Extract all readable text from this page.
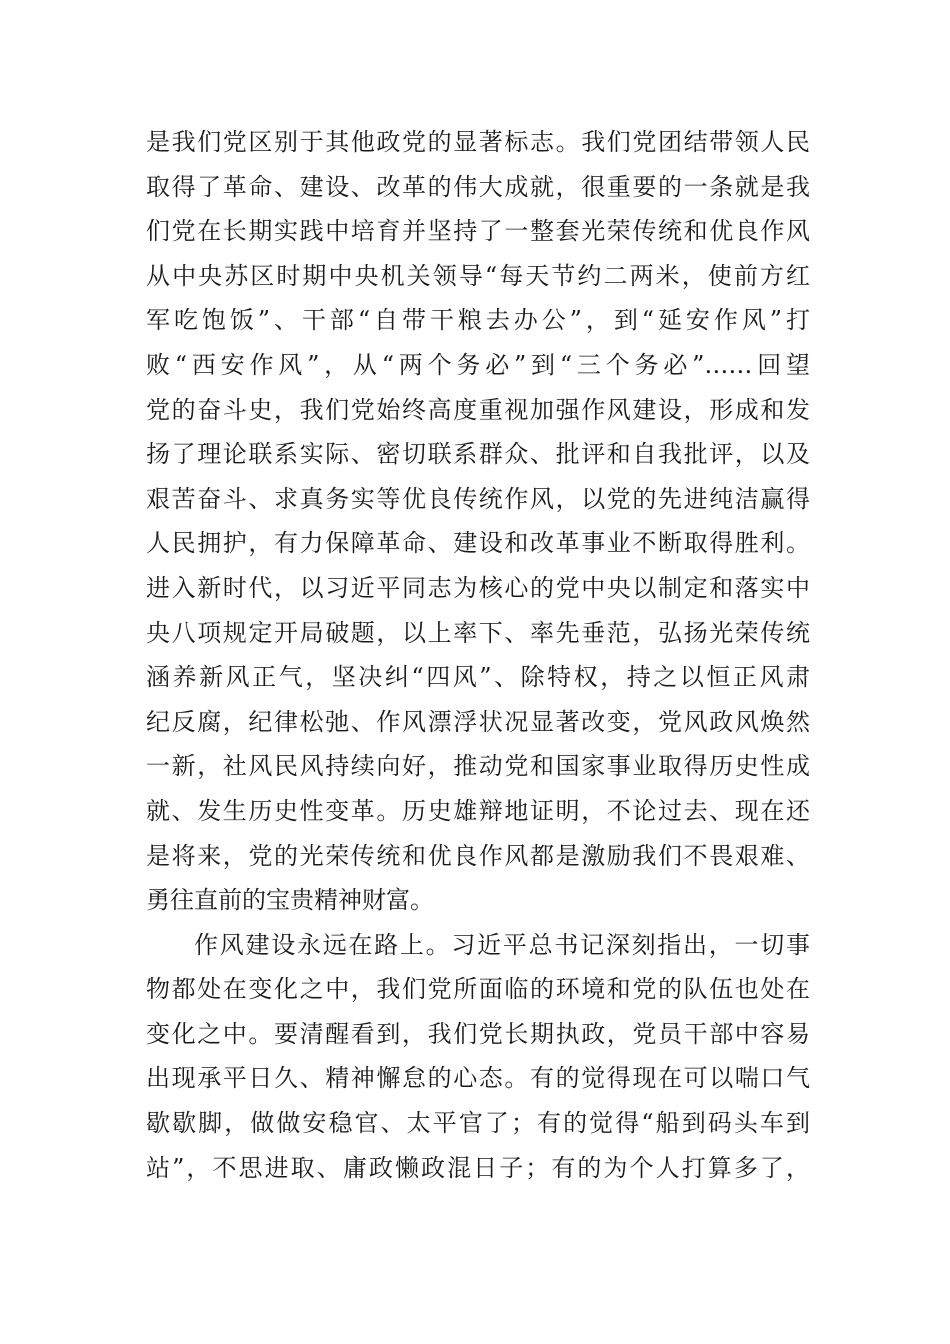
是我们党区别于其他政党的显著标志。我们党团结带领人民
取得了革命、建设、改革的伟大成就，很重要的一条就是我
们党在长期实践中培育并坚持了一整套光荣传统和优良作风
从中央苏区时期中央机关领导“每天节约二两米，使前方红
军吃饱饭”、干部“自带干粮去办公”，到“延安作风”打
败“西安作风”，从“两个务必”到“三个务必”……回望
党的奋斗史，我们党始终高度重视加强作风建设，形成和发
扬了理论联系实际、密切联系群众、批评和自我批评，以及
艰苦奋斗、求真务实等优良传统作风，以党的先进纯洁赢得
人民拥护，有力保障革命、建设和改革事业不断取得胜利。
进入新时代，以习近平同志为核心的党中央以制定和落实中
央八项规定开局破题，以上率下、率先垂范，弘扬光荣传统
涵养新风正气，坚决纠“四风”、除特权，持之以恒正风肃
纪反腐，纪律松弛、作风漂浮状况显著改变，党风政风焕然
一新，社风民风持续向好，推动党和国家事业取得历史性成
就、发生历史性变革。历史雄辩地证明，不论过去、现在还
是将来，党的光荣传统和优良作风都是激励我们不畏艰难、
勇往直前的宝贵精神财富。
作风建设永远在路上。习近平总书记深刻指出，一切事
物都处在变化之中，我们党所面临的环境和党的队伍也处在
变化之中。要清醒看到，我们党长期执政，党员干部中容易
出现承平日久、精神懈怠的心态。有的觉得现在可以喘口气
歇歇脚，做做安稳官、太平官了；有的觉得“船到码头车到
站”，不思进取、庸政懒政混日子；有的为个人打算多了，
